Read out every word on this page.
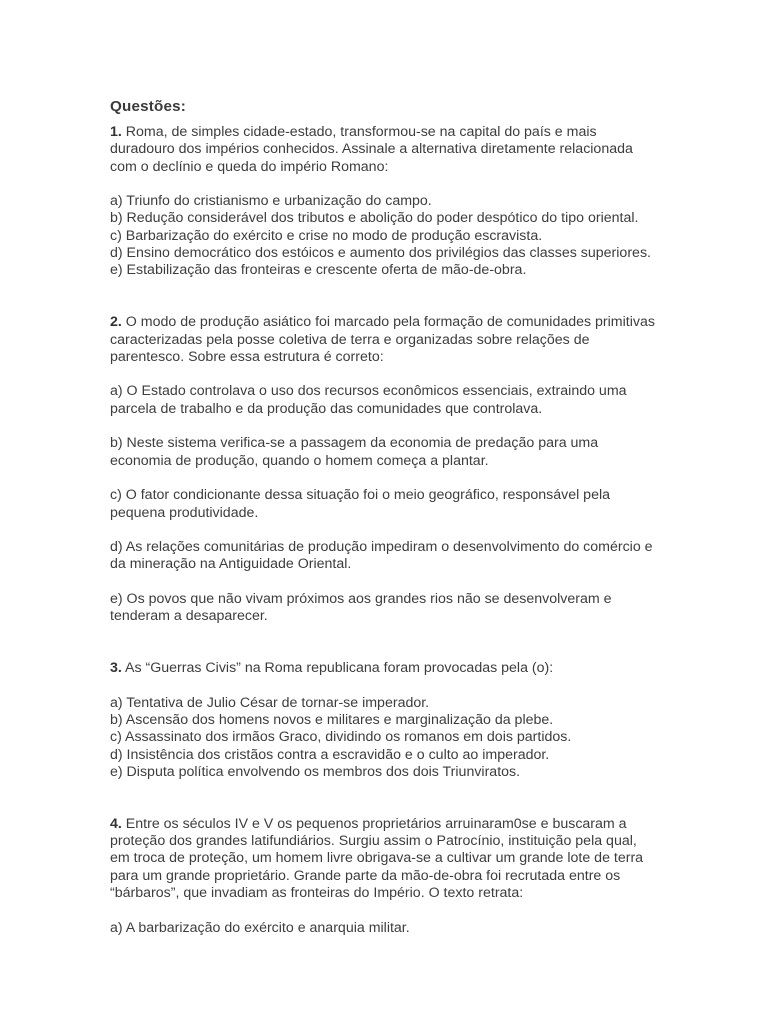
Questões:

1. Roma, de simples cidade-estado, transformou-se na capital do país e mais duradouro dos impérios conhecidos. Assinale a alternativa diretamente relacionada com o declínio e queda do império Romano:

a) Triunfo do cristianismo e urbanização do campo.

b) Redução considerável dos tributos e abolição do poder despótico do tipo oriental.

c) Barbarização do exército e crise no modo de produção escravista.

d) Ensino democrático dos estóicos e aumento dos privilégios das classes superiores.

e) Estabilização das fronteiras e crescente oferta de mão-de-obra.

2. O modo de produção asiático foi marcado pela formação de comunidades primitivas caracterizadas pela posse coletiva de terra e organizadas sobre relações de parentesco. Sobre essa estrutura é correto:

a) O Estado controlava o uso dos recursos econômicos essenciais, extraindo uma parcela de trabalho e da produção das comunidades que controlava.

b) Neste sistema verifica-se a passagem da economia de predação para uma economia de produção, quando o homem começa a plantar.

c) O fator condicionante dessa situação foi o meio geográfico, responsável pela pequena produtividade.

d) As relações comunitárias de produção impediram o desenvolvimento do comércio e da mineração na Antiguidade Oriental.

e) Os povos que não vivam próximos aos grandes rios não se desenvolveram e tenderam a desaparecer.

3. As “Guerras Civis” na Roma republicana foram provocadas pela (o):

a) Tentativa de Julio César de tornar-se imperador.

b) Ascensão dos homens novos e militares e marginalização da plebe.

c) Assassinato dos irmãos Graco, dividindo os romanos em dois partidos.

d) Insistência dos cristãos contra a escravidão e o culto ao imperador.

e) Disputa política envolvendo os membros dos dois Triunviratos.

4. Entre os séculos IV e V os pequenos proprietários arruinaram0se e buscaram a proteção dos grandes latifundiários. Surgiu assim o Patrocínio, instituição pela qual, em troca de proteção, um homem livre obrigava-se a cultivar um grande lote de terra para um grande proprietário. Grande parte da mão-de-obra foi recrutada entre os “bárbaros”, que invadiam as fronteiras do Império. O texto retrata:

a) A barbarização do exército e anarquia militar.
